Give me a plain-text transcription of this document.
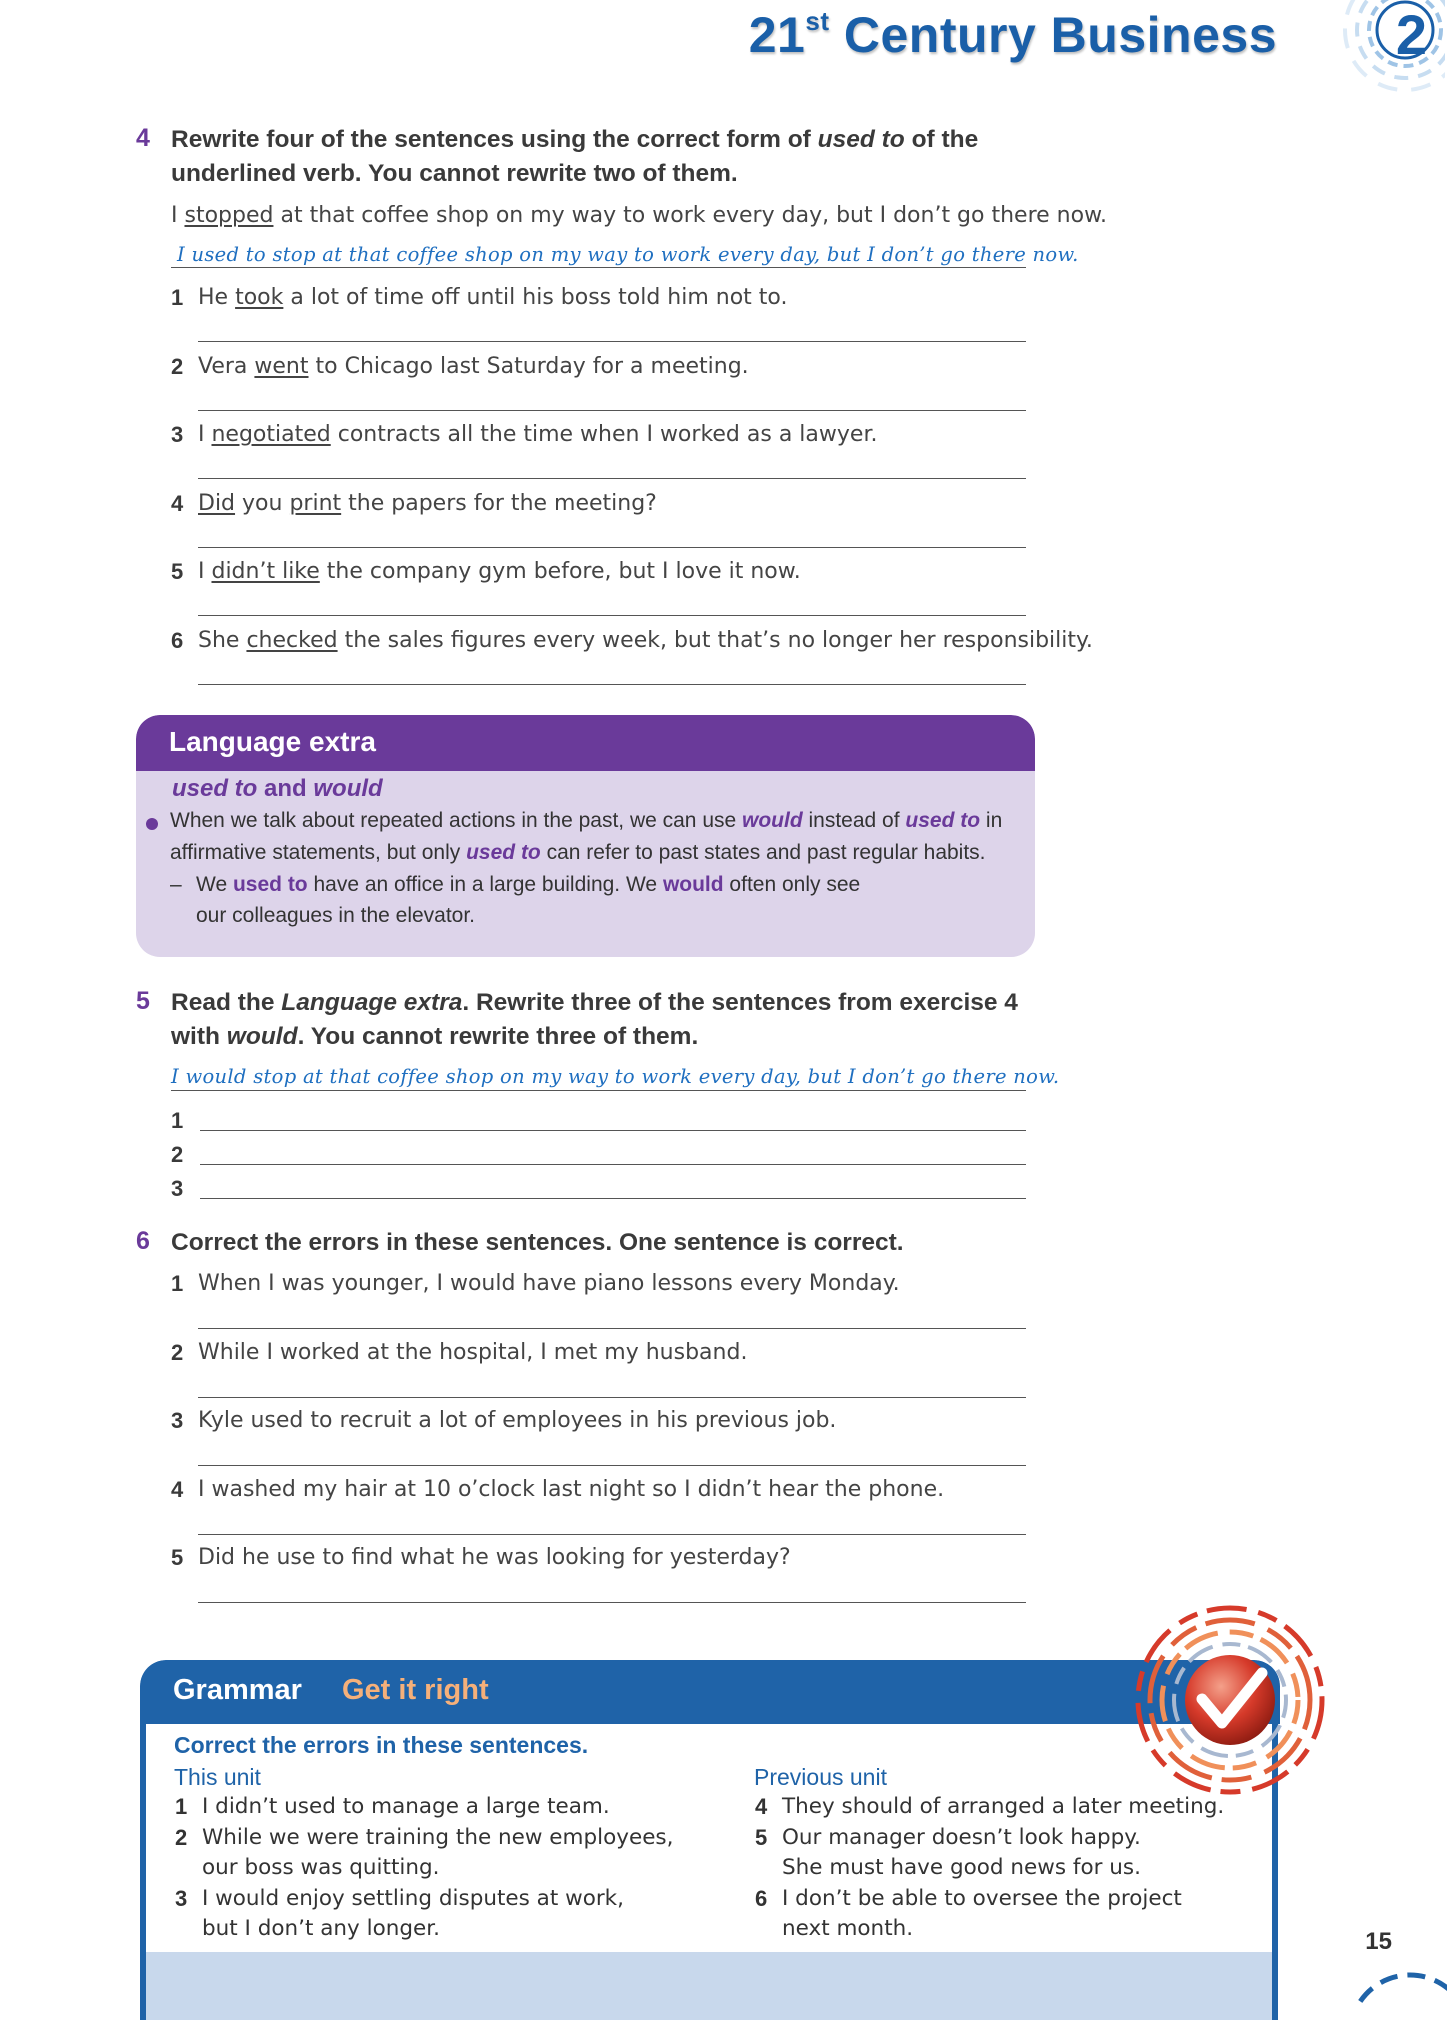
21st Century Business 2
4 Rewrite four of the sentences using the correct form of used to of the
underlined verb. You cannot rewrite two of them.
I stopped at that coffee shop on my way to work every day, but I don’t go there now.
I used to stop at that coffee shop on my way to work every day, but I don’t go there now.
1 He took a lot of time off until his boss told him not to.
2 Vera went to Chicago last Saturday for a meeting.
3 I negotiated contracts all the time when I worked as a lawyer.
4 Did you print the papers for the meeting?
5 I didn’t like the company gym before, but I love it now.
6 She checked the sales figures every week, but that’s no longer her responsibility.
Language extra
used to and would
When we talk about repeated actions in the past, we can use would instead of used to in
affirmative statements, but only used to can refer to past states and past regular habits.
– We used to have an office in a large building. We would often only see
our colleagues in the elevator.
5 Read the Language extra. Rewrite three of the sentences from exercise 4
with would. You cannot rewrite three of them.
I would stop at that coffee shop on my way to work every day, but I don’t go there now.
1
2
3
6 Correct the errors in these sentences. One sentence is correct.
1 When I was younger, I would have piano lessons every Monday.
2 While I worked at the hospital, I met my husband.
3 Kyle used to recruit a lot of employees in his previous job.
4 I washed my hair at 10 o’clock last night so I didn’t hear the phone.
5 Did he use to find what he was looking for yesterday?
Grammar Get it right
Correct the errors in these sentences.
This unit	Previous unit
1 I didn’t used to manage a large team.
2 While we were training the new employees,
our boss was quitting.
3 I would enjoy settling disputes at work,
but I don’t any longer.
4 They should of arranged a later meeting.
5 Our manager doesn’t look happy.
She must have good news for us.
6 I don’t be able to oversee the project
next month.	15
